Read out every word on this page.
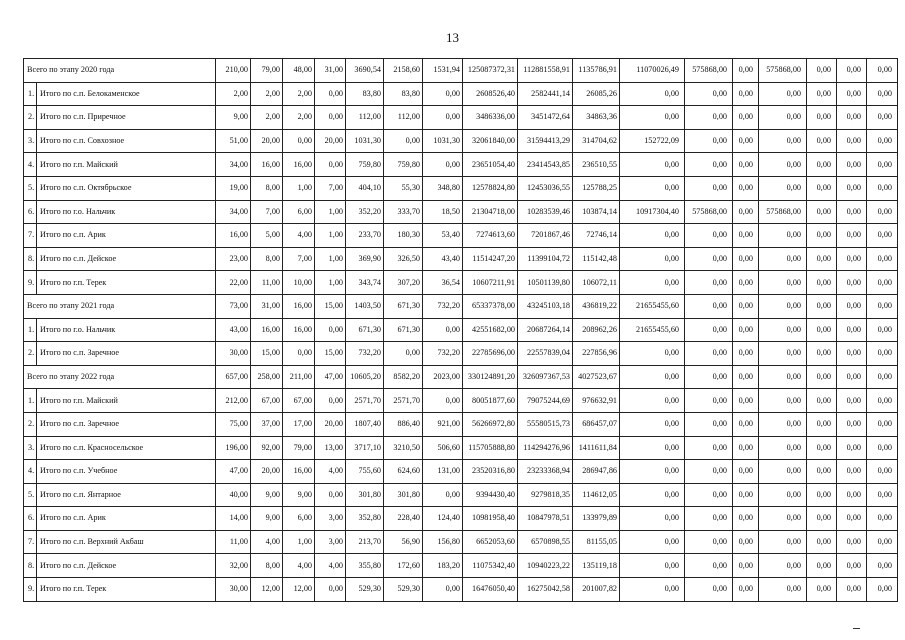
13
Всего по этапу 2020 года		210,00	79,00	48,00	31,00	3690,54	2158,60	1531,94	125087372,31	112881558,91	1135786,91	11070026,49	575868,00	0,00	575868,00	0,00	0,00	0,00
1.	Итого по с.п. Белокаменское	2,00	2,00	2,00	0,00	83,80	83,80	0,00	2608526,40	2582441,14	26085,26	0,00	0,00	0,00	0,00	0,00	0,00	0,00
2.	Итого по с.п. Приречное	9,00	2,00	2,00	0,00	112,00	112,00	0,00	3486336,00	3451472,64	34863,36	0,00	0,00	0,00	0,00	0,00	0,00	0,00
3.	Итого по с.п. Совхозное	51,00	20,00	0,00	20,00	1031,30	0,00	1031,30	32061840,00	31594413,29	314704,62	152722,09	0,00	0,00	0,00	0,00	0,00	0,00
4.	Итого по г.п. Майский	34,00	16,00	16,00	0,00	759,80	759,80	0,00	23651054,40	23414543,85	236510,55	0,00	0,00	0,00	0,00	0,00	0,00	0,00
5.	Итого по с.п. Октябрьское	19,00	8,00	1,00	7,00	404,10	55,30	348,80	12578824,80	12453036,55	125788,25	0,00	0,00	0,00	0,00	0,00	0,00	0,00
6.	Итого по г.о. Нальчик	34,00	7,00	6,00	1,00	352,20	333,70	18,50	21304718,00	10283539,46	103874,14	10917304,40	575868,00	0,00	575868,00	0,00	0,00	0,00
7.	Итого по с.п. Арик	16,00	5,00	4,00	1,00	233,70	180,30	53,40	7274613,60	7201867,46	72746,14	0,00	0,00	0,00	0,00	0,00	0,00	0,00
8.	Итого по с.п. Дейское	23,00	8,00	7,00	1,00	369,90	326,50	43,40	11514247,20	11399104,72	115142,48	0,00	0,00	0,00	0,00	0,00	0,00	0,00
9.	Итого по г.п. Терек	22,00	11,00	10,00	1,00	343,74	307,20	36,54	10607211,91	10501139,80	106072,11	0,00	0,00	0,00	0,00	0,00	0,00	0,00
Всего по этапу 2021 года		73,00	31,00	16,00	15,00	1403,50	671,30	732,20	65337378,00	43245103,18	436819,22	21655455,60	0,00	0,00	0,00	0,00	0,00	0,00
1.	Итого по г.о. Нальчик	43,00	16,00	16,00	0,00	671,30	671,30	0,00	42551682,00	20687264,14	208962,26	21655455,60	0,00	0,00	0,00	0,00	0,00	0,00
2.	Итого по с.п. Заречное	30,00	15,00	0,00	15,00	732,20	0,00	732,20	22785696,00	22557839,04	227856,96	0,00	0,00	0,00	0,00	0,00	0,00	0,00
Всего по этапу 2022 года		657,00	258,00	211,00	47,00	10605,20	8582,20	2023,00	330124891,20	326097367,53	4027523,67	0,00	0,00	0,00	0,00	0,00	0,00	0,00
1.	Итого по г.п. Майский	212,00	67,00	67,00	0,00	2571,70	2571,70	0,00	80051877,60	79075244,69	976632,91	0,00	0,00	0,00	0,00	0,00	0,00	0,00
2.	Итого по с.п. Заречное	75,00	37,00	17,00	20,00	1807,40	886,40	921,00	56266972,80	55580515,73	686457,07	0,00	0,00	0,00	0,00	0,00	0,00	0,00
3.	Итого по с.п. Красносельское	196,00	92,00	79,00	13,00	3717,10	3210,50	506,60	115705888,80	114294276,96	1411611,84	0,00	0,00	0,00	0,00	0,00	0,00	0,00
4.	Итого по с.п. Учебное	47,00	20,00	16,00	4,00	755,60	624,60	131,00	23520316,80	23233368,94	286947,86	0,00	0,00	0,00	0,00	0,00	0,00	0,00
5.	Итого по с.п. Янтарное	40,00	9,00	9,00	0,00	301,80	301,80	0,00	9394430,40	9279818,35	114612,05	0,00	0,00	0,00	0,00	0,00	0,00	0,00
6.	Итого по с.п. Арик	14,00	9,00	6,00	3,00	352,80	228,40	124,40	10981958,40	10847978,51	133979,89	0,00	0,00	0,00	0,00	0,00	0,00	0,00
7.	Итого по с.п. Верхний Акбаш	11,00	4,00	1,00	3,00	213,70	56,90	156,80	6652053,60	6570898,55	81155,05	0,00	0,00	0,00	0,00	0,00	0,00	0,00
8.	Итого по с.п. Дейское	32,00	8,00	4,00	4,00	355,80	172,60	183,20	11075342,40	10940223,22	135119,18	0,00	0,00	0,00	0,00	0,00	0,00	0,00
9.	Итого по г.п. Терек	30,00	12,00	12,00	0,00	529,30	529,30	0,00	16476050,40	16275042,58	201007,82	0,00	0,00	0,00	0,00	0,00	0,00	0,00
